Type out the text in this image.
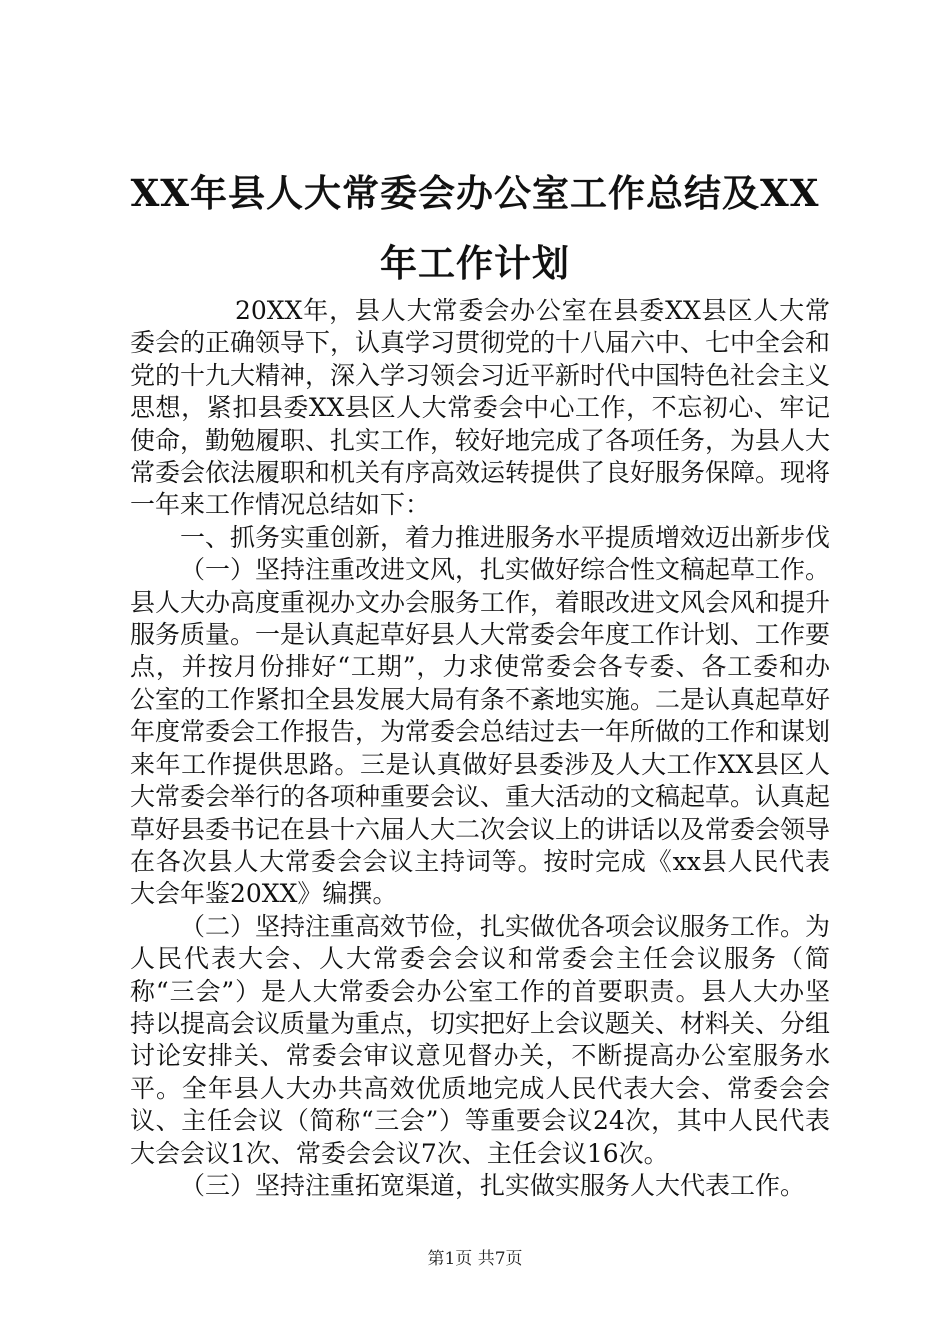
XX年县人大常委会办公室工作总结及XX年工作计划

20XX年，县人大常委会办公室在县委XX县区人大常委会的正确领导下，认真学习贯彻党的十八届六中、七中全会和党的十九大精神，深入学习领会习近平新时代中国特色社会主义思想，紧扣县委XX县区人大常委会中心工作，不忘初心、牢记使命，勤勉履职、扎实工作，较好地完成了各项任务，为县人大常委会依法履职和机关有序高效运转提供了良好服务保障。现将一年来工作情况总结如下：

一、抓务实重创新，着力推进服务水平提质增效迈出新步伐

（一）坚持注重改进文风，扎实做好综合性文稿起草工作。县人大办高度重视办文办会服务工作，着眼改进文风会风和提升服务质量。一是认真起草好县人大常委会年度工作计划、工作要点，并按月份排好“工期”，力求使常委会各专委、各工委和办公室的工作紧扣全县发展大局有条不紊地实施。二是认真起草好年度常委会工作报告，为常委会总结过去一年所做的工作和谋划来年工作提供思路。三是认真做好县委涉及人大工作XX县区人大常委会举行的各项种重要会议、重大活动的文稿起草。认真起草好县委书记在县十六届人大二次会议上的讲话以及常委会领导在各次县人大常委会会议主持词等。按时完成《xx县人民代表大会年鉴20XX》编撰。

（二）坚持注重高效节俭，扎实做优各项会议服务工作。为人民代表大会、人大常委会会议和常委会主任会议服务（简称“三会”）是人大常委会办公室工作的首要职责。县人大办坚持以提高会议质量为重点，切实把好上会议题关、材料关、分组讨论安排关、常委会审议意见督办关，不断提高办公室服务水平。全年县人大办共高效优质地完成人民代表大会、常委会会议、主任会议（简称“三会”）等重要会议24次，其中人民代表大会会议1次、常委会会议7次、主任会议16次。

（三）坚持注重拓宽渠道，扎实做实服务人大代表工作。

第1页 共7页
